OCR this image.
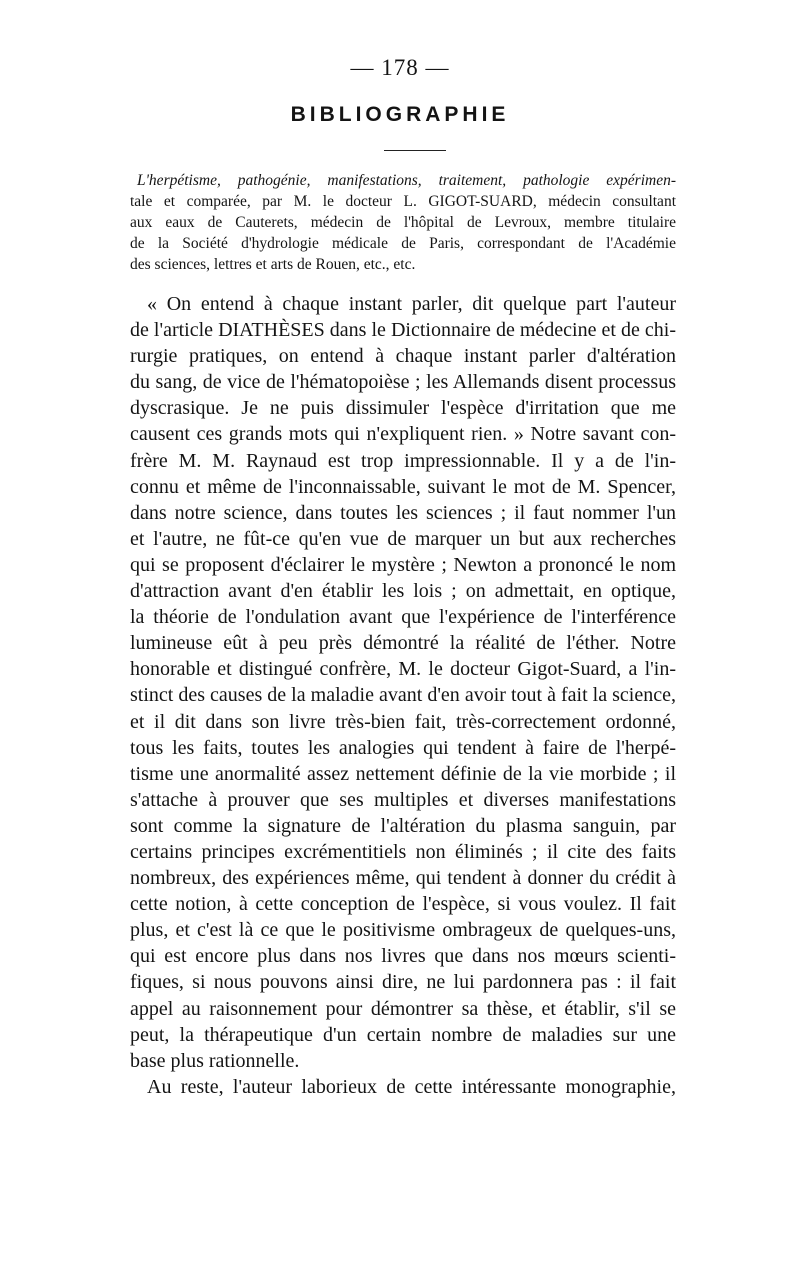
— 178 —
BIBLIOGRAPHIE
L'herpétisme, pathogénie, manifestations, traitement, pathologie expérimen-
tale et comparée, par M. le docteur L. GIGOT-SUARD, médecin consultant
aux eaux de Cauterets, médecin de l'hôpital de Levroux, membre titulaire
de la Société d'hydrologie médicale de Paris, correspondant de l'Académie
des sciences, lettres et arts de Rouen, etc., etc.
« On entend à chaque instant parler, dit quelque part l'auteur
de l'article DIATHÈSES dans le Dictionnaire de médecine et de chi-
rurgie pratiques, on entend à chaque instant parler d'altération
du sang, de vice de l'hématopoièse ; les Allemands disent processus
dyscrasique. Je ne puis dissimuler l'espèce d'irritation que me
causent ces grands mots qui n'expliquent rien. » Notre savant con-
frère M. M. Raynaud est trop impressionnable. Il y a de l'in-
connu et même de l'inconnaissable, suivant le mot de M. Spencer,
dans notre science, dans toutes les sciences ; il faut nommer l'un
et l'autre, ne fût-ce qu'en vue de marquer un but aux recherches
qui se proposent d'éclairer le mystère ; Newton a prononcé le nom
d'attraction avant d'en établir les lois ; on admettait, en optique,
la théorie de l'ondulation avant que l'expérience de l'interférence
lumineuse eût à peu près démontré la réalité de l'éther. Notre
honorable et distingué confrère, M. le docteur Gigot-Suard, a l'in-
stinct des causes de la maladie avant d'en avoir tout à fait la science,
et il dit dans son livre très-bien fait, très-correctement ordonné,
tous les faits, toutes les analogies qui tendent à faire de l'herpé-
tisme une anormalité assez nettement définie de la vie morbide ; il
s'attache à prouver que ses multiples et diverses manifestations
sont comme la signature de l'altération du plasma sanguin, par
certains principes excrémentitiels non éliminés ; il cite des faits
nombreux, des expériences même, qui tendent à donner du crédit à
cette notion, à cette conception de l'espèce, si vous voulez. Il fait
plus, et c'est là ce que le positivisme ombrageux de quelques-uns,
qui est encore plus dans nos livres que dans nos mœurs scienti-
fiques, si nous pouvons ainsi dire, ne lui pardonnera pas : il fait
appel au raisonnement pour démontrer sa thèse, et établir, s'il se
peut, la thérapeutique d'un certain nombre de maladies sur une
base plus rationnelle.
Au reste, l'auteur laborieux de cette intéressante monographie,
